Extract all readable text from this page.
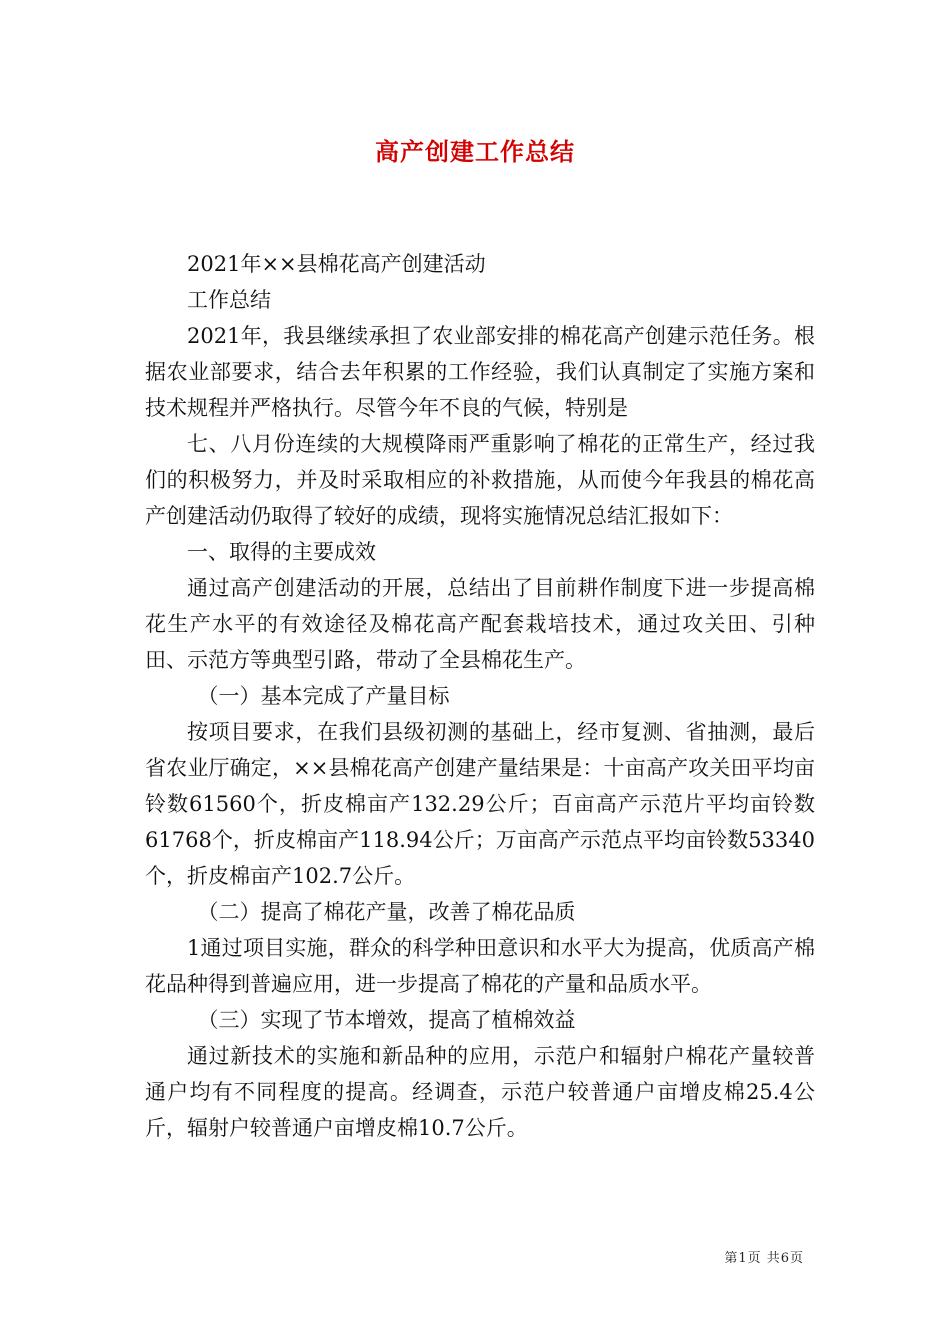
高产创建工作总结

2021年××县棉花高产创建活动

工作总结

2021年，我县继续承担了农业部安排的棉花高产创建示范任务。根据农业部要求，结合去年积累的工作经验，我们认真制定了实施方案和技术规程并严格执行。尽管今年不良的气候，特别是

七、八月份连续的大规模降雨严重影响了棉花的正常生产，经过我们的积极努力，并及时采取相应的补救措施，从而使今年我县的棉花高产创建活动仍取得了较好的成绩，现将实施情况总结汇报如下：

一、取得的主要成效

通过高产创建活动的开展，总结出了目前耕作制度下进一步提高棉花生产水平的有效途径及棉花高产配套栽培技术，通过攻关田、引种田、示范方等典型引路，带动了全县棉花生产。

（一）基本完成了产量目标

按项目要求，在我们县级初测的基础上，经市复测、省抽测，最后省农业厅确定，××县棉花高产创建产量结果是：十亩高产攻关田平均亩铃数61560个，折皮棉亩产132.29公斤；百亩高产示范片平均亩铃数61768个，折皮棉亩产118.94公斤；万亩高产示范点平均亩铃数53340个，折皮棉亩产102.7公斤。

（二）提高了棉花产量，改善了棉花品质

1通过项目实施，群众的科学种田意识和水平大为提高，优质高产棉花品种得到普遍应用，进一步提高了棉花的产量和品质水平。

（三）实现了节本增效，提高了植棉效益

通过新技术的实施和新品种的应用，示范户和辐射户棉花产量较普通户均有不同程度的提高。经调查，示范户较普通户亩增皮棉25.4公斤，辐射户较普通户亩增皮棉10.7公斤。

第1页 共6页
